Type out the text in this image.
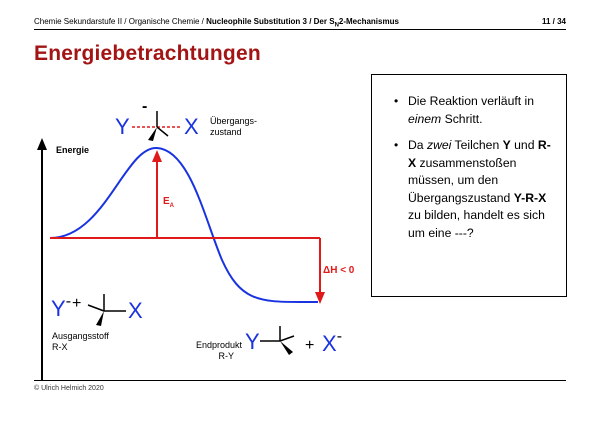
Chemie Sekundarstufe II / Organische Chemie / Nucleophile Substitution 3 / Der $S_N2$-Mechanismus	11 / 34
Energiebetrachtungen
Energie
$E_A$
ΔH < 0
Übergangs-
zustand
Y
-
X
Y- + X
Ausgangsstoff
R-X	Endprodukt
R-Y
Y	+ X-
• Die Reaktion verläuft in einem Schritt.
• Da zwei Teilchen Y und R-X zusammenstoßen müssen, um den Übergangszustand Y-R-X zu bilden, handelt es sich um eine ---?
© Ulrich Helmich 2020
